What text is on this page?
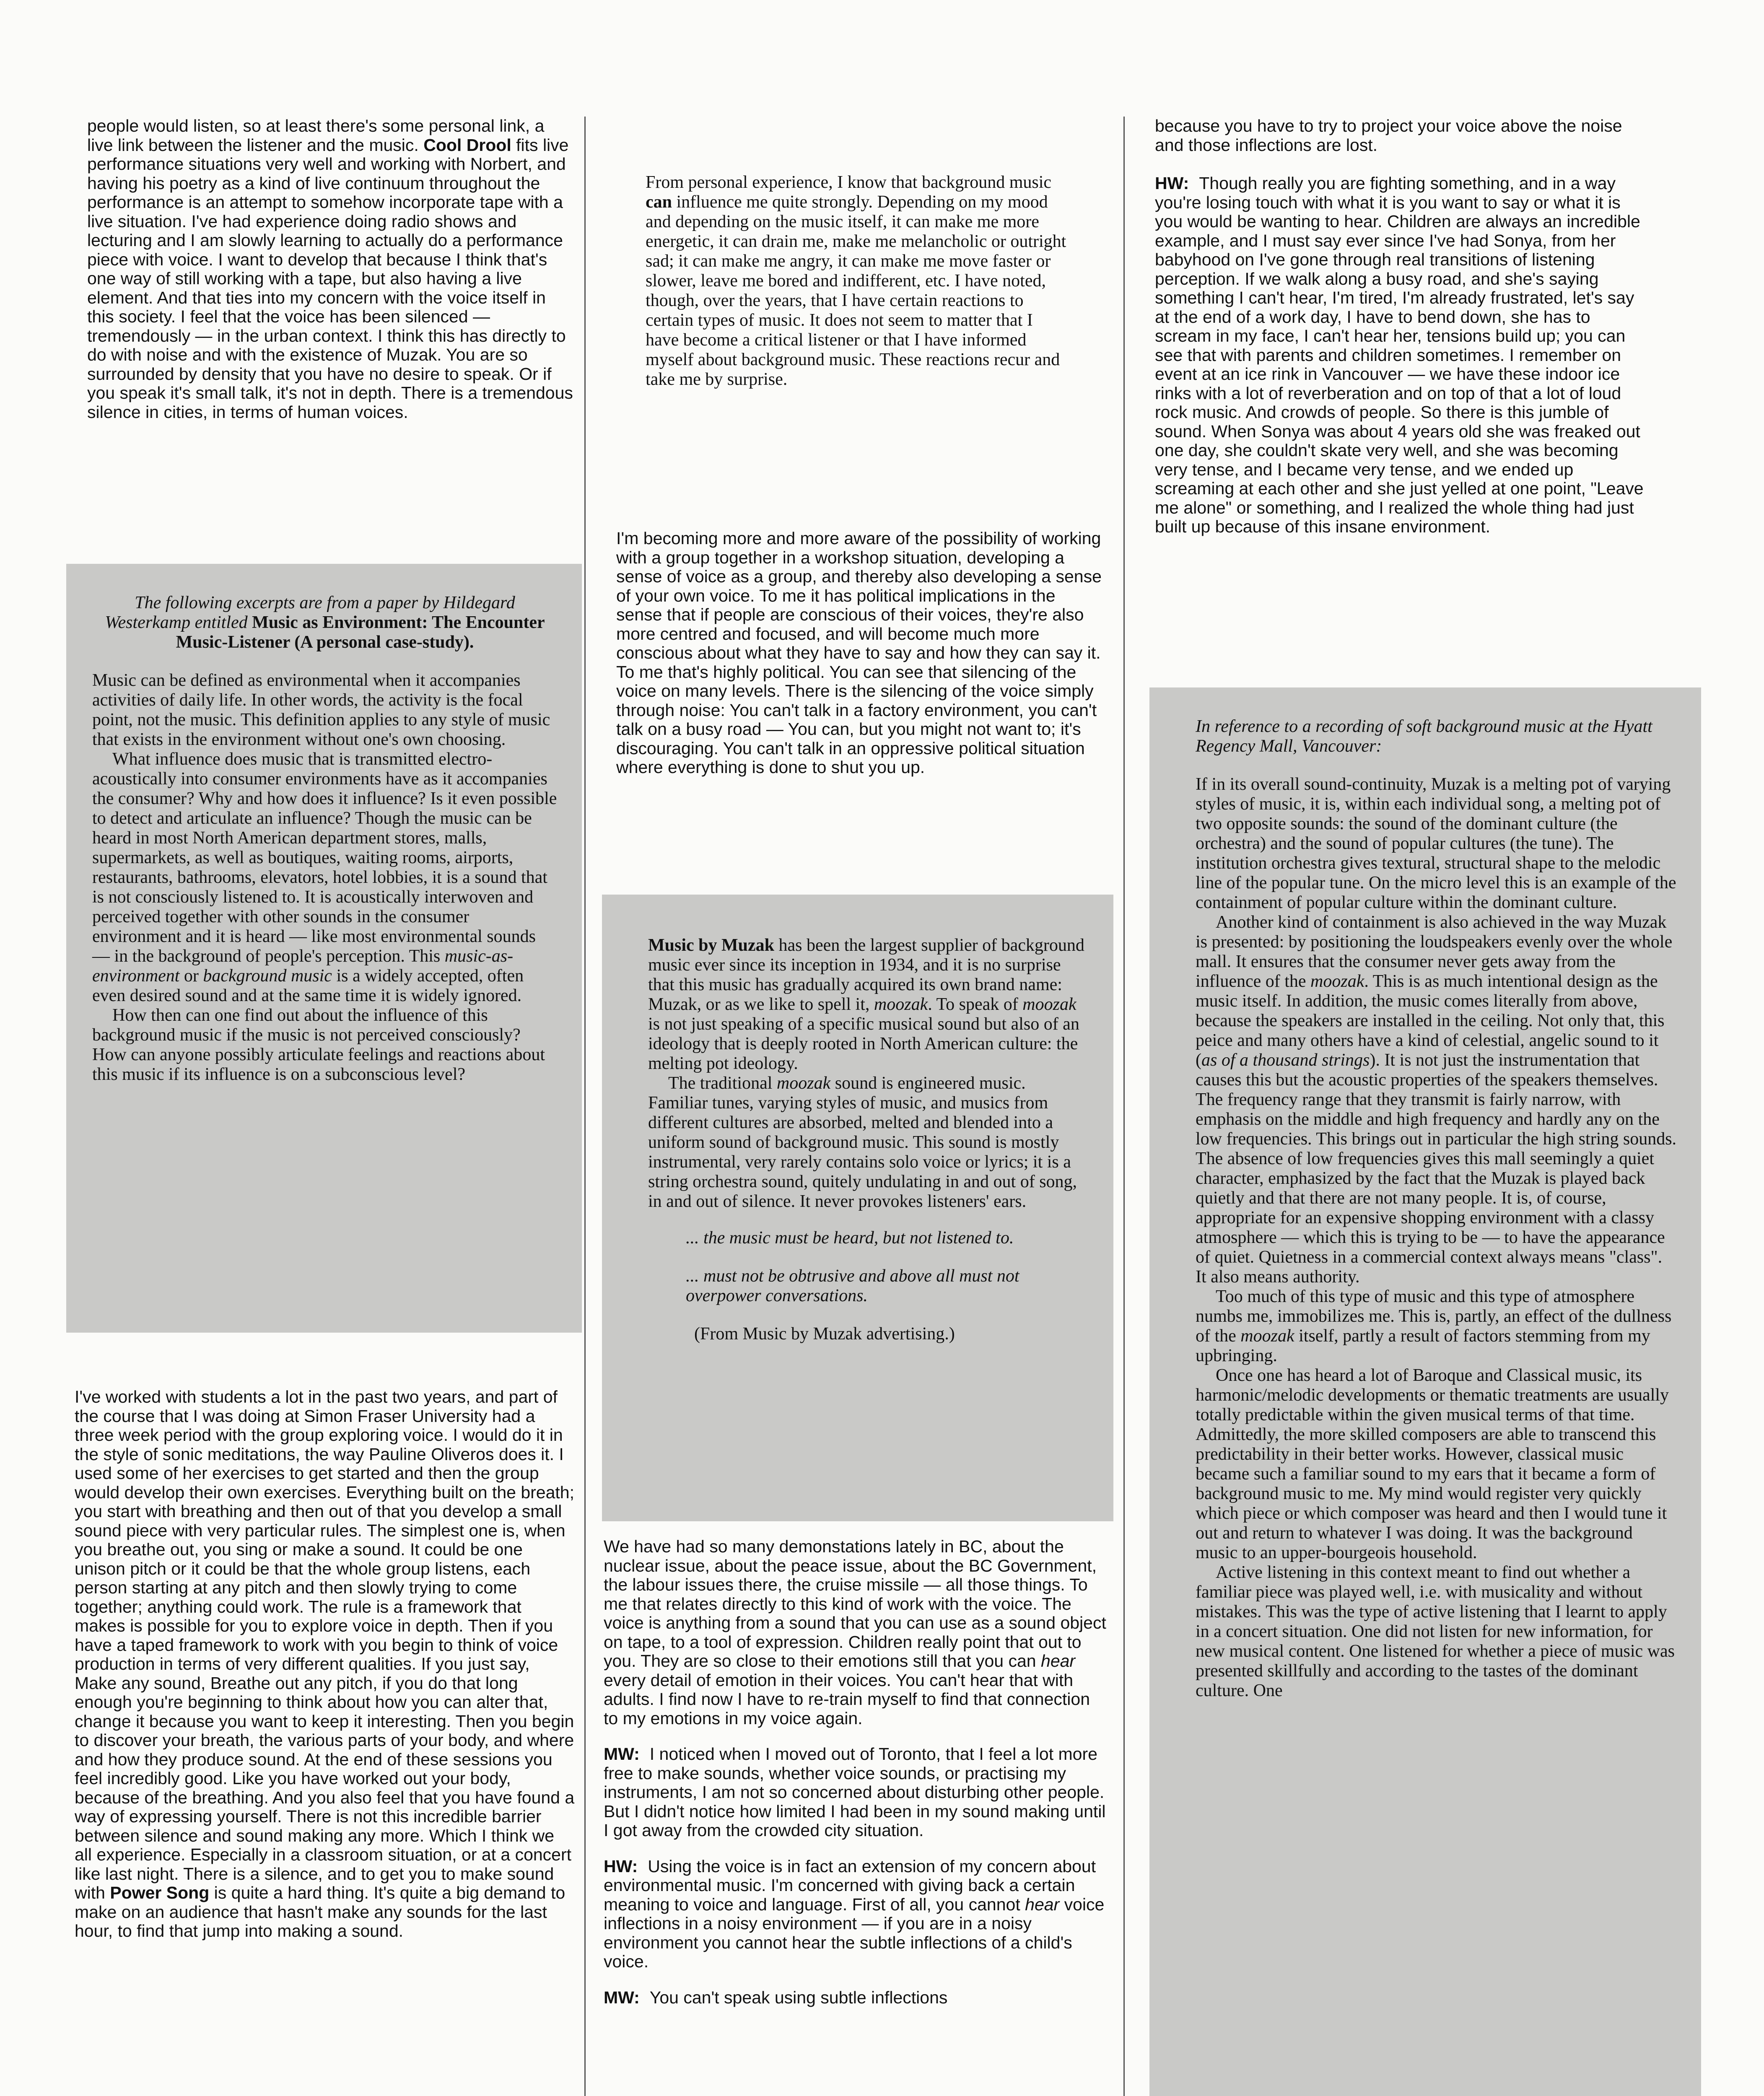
people would listen, so at least there's some personal link, a live link between the listener and the music. Cool Drool fits live performance situations very well and working with Norbert, and having his poetry as a kind of live continuum throughout the performance is an attempt to somehow incorporate tape with a live situation. I've had experience doing radio shows and lecturing and I am slowly learning to actually do a performance piece with voice. I want to develop that because I think that's one way of still working with a tape, but also having a live element. And that ties into my concern with the voice itself in this society. I feel that the voice has been silenced — tremendously — in the urban context. I think this has directly to do with noise and with the existence of Muzak. You are so surrounded by density that you have no desire to speak. Or if you speak it's small talk, it's not in depth. There is a tremendous silence in cities, in terms of human voices.

The following excerpts are from a paper by Hildegard Westerkamp entitled Music as Environment: The Encounter Music-Listener (A personal case-study).

Music can be defined as environmental when it accompanies activities of daily life. In other words, the activity is the focal point, not the music. This definition applies to any style of music that exists in the environment without one's own choosing.

What influence does music that is transmitted electro-acoustically into consumer environments have as it accompanies the consumer? Why and how does it influence? Is it even possible to detect and articulate an influence? Though the music can be heard in most North American department stores, malls, supermarkets, as well as boutiques, waiting rooms, airports, restaurants, bathrooms, elevators, hotel lobbies, it is a sound that is not consciously listened to. It is acoustically interwoven and perceived together with other sounds in the consumer environment and it is heard — like most environmental sounds — in the background of people's perception. This music-as-environment or background music is a widely accepted, often even desired sound and at the same time it is widely ignored.

How then can one find out about the influence of this background music if the music is not perceived consciously? How can anyone possibly articulate feelings and reactions about this music if its influence is on a subconscious level?

I've worked with students a lot in the past two years, and part of the course that I was doing at Simon Fraser University had a three week period with the group exploring voice. I would do it in the style of sonic meditations, the way Pauline Oliveros does it. I used some of her exercises to get started and then the group would develop their own exercises. Everything built on the breath; you start with breathing and then out of that you develop a small sound piece with very particular rules. The simplest one is, when you breathe out, you sing or make a sound. It could be one unison pitch or it could be that the whole group listens, each person starting at any pitch and then slowly trying to come together; anything could work. The rule is a framework that makes is possible for you to explore voice in depth. Then if you have a taped framework to work with you begin to think of voice production in terms of very different qualities. If you just say, Make any sound, Breathe out any pitch, if you do that long enough you're beginning to think about how you can alter that, change it because you want to keep it interesting. Then you begin to discover your breath, the various parts of your body, and where and how they produce sound. At the end of these sessions you feel incredibly good. Like you have worked out your body, because of the breathing. And you also feel that you have found a way of expressing yourself. There is not this incredible barrier between silence and sound making any more. Which I think we all experience. Especially in a classroom situation, or at a concert like last night. There is a silence, and to get you to make sound with Power Song is quite a hard thing. It's quite a big demand to make on an audience that hasn't make any sounds for the last hour, to find that jump into making a sound.

From personal experience, I know that background music can influence me quite strongly. Depending on my mood and depending on the music itself, it can make me more energetic, it can drain me, make me melancholic or outright sad; it can make me angry, it can make me move faster or slower, leave me bored and indifferent, etc. I have noted, though, over the years, that I have certain reactions to certain types of music. It does not seem to matter that I have become a critical listener or that I have informed myself about background music. These reactions recur and take me by surprise.

I'm becoming more and more aware of the possibility of working with a group together in a workshop situation, developing a sense of voice as a group, and thereby also developing a sense of your own voice. To me it has political implications in the sense that if people are conscious of their voices, they're also more centred and focused, and will become much more conscious about what they have to say and how they can say it. To me that's highly political. You can see that silencing of the voice on many levels. There is the silencing of the voice simply through noise: You can't talk in a factory environment, you can't talk on a busy road — You can, but you might not want to; it's discouraging. You can't talk in an oppressive political situation where everything is done to shut you up.

Music by Muzak has been the largest supplier of background music ever since its inception in 1934, and it is no surprise that this music has gradually acquired its own brand name: Muzak, or as we like to spell it, moozak. To speak of moozak is not just speaking of a specific musical sound but also of an ideology that is deeply rooted in North American culture: the melting pot ideology.

The traditional moozak sound is engineered music. Familiar tunes, varying styles of music, and musics from different cultures are absorbed, melted and blended into a uniform sound of background music. This sound is mostly instrumental, very rarely contains solo voice or lyrics; it is a string orchestra sound, quitely undulating in and out of song, in and out of silence. It never provokes listeners' ears.

... the music must be heard, but not listened to.

... must not be obtrusive and above all must not overpower conversations.

(From Music by Muzak advertising.)

We have had so many demonstations lately in BC, about the nuclear issue, about the peace issue, about the BC Government, the labour issues there, the cruise missile — all those things. To me that relates directly to this kind of work with the voice. The voice is anything from a sound that you can use as a sound object on tape, to a tool of expression. Children really point that out to you. They are so close to their emotions still that you can hear every detail of emotion in their voices. You can't hear that with adults. I find now I have to re-train myself to find that connection to my emotions in my voice again.

MW: I noticed when I moved out of Toronto, that I feel a lot more free to make sounds, whether voice sounds, or practising my instruments, I am not so concerned about disturbing other people. But I didn't notice how limited I had been in my sound making until I got away from the crowded city situation.

HW: Using the voice is in fact an extension of my concern about environmental music. I'm concerned with giving back a certain meaning to voice and language. First of all, you cannot hear voice inflections in a noisy environment — if you are in a noisy environment you cannot hear the subtle inflections of a child's voice.

MW: You can't speak using subtle inflections

because you have to try to project your voice above the noise and those inflections are lost.

HW: Though really you are fighting something, and in a way you're losing touch with what it is you want to say or what it is you would be wanting to hear. Children are always an incredible example, and I must say ever since I've had Sonya, from her babyhood on I've gone through real transitions of listening perception. If we walk along a busy road, and she's saying something I can't hear, I'm tired, I'm already frustrated, let's say at the end of a work day, I have to bend down, she has to scream in my face, I can't hear her, tensions build up; you can see that with parents and children sometimes. I remember on event at an ice rink in Vancouver — we have these indoor ice rinks with a lot of reverberation and on top of that a lot of loud rock music. And crowds of people. So there is this jumble of sound. When Sonya was about 4 years old she was freaked out one day, she couldn't skate very well, and she was becoming very tense, and I became very tense, and we ended up screaming at each other and she just yelled at one point, "Leave me alone" or something, and I realized the whole thing had just built up because of this insane environment.

In reference to a recording of soft background music at the Hyatt Regency Mall, Vancouver:

If in its overall sound-continuity, Muzak is a melting pot of varying styles of music, it is, within each individual song, a melting pot of two opposite sounds: the sound of the dominant culture (the orchestra) and the sound of popular cultures (the tune). The institution orchestra gives textural, structural shape to the melodic line of the popular tune. On the micro level this is an example of the containment of popular culture within the dominant culture.

Another kind of containment is also achieved in the way Muzak is presented: by positioning the loudspeakers evenly over the whole mall. It ensures that the consumer never gets away from the influence of the moozak. This is as much intentional design as the music itself. In addition, the music comes literally from above, because the speakers are installed in the ceiling. Not only that, this peice and many others have a kind of celestial, angelic sound to it (as of a thousand strings). It is not just the instrumentation that causes this but the acoustic properties of the speakers themselves. The frequency range that they transmit is fairly narrow, with emphasis on the middle and high frequency and hardly any on the low frequencies. This brings out in particular the high string sounds. The absence of low frequencies gives this mall seemingly a quiet character, emphasized by the fact that the Muzak is played back quietly and that there are not many people. It is, of course, appropriate for an expensive shopping environment with a classy atmosphere — which this is trying to be — to have the appearance of quiet. Quietness in a commercial context always means "class". It also means authority.

Too much of this type of music and this type of atmosphere numbs me, immobilizes me. This is, partly, an effect of the dullness of the moozak itself, partly a result of factors stemming from my upbringing.

Once one has heard a lot of Baroque and Classical music, its harmonic/melodic developments or thematic treatments are usually totally predictable within the given musical terms of that time. Admittedly, the more skilled composers are able to transcend this predictability in their better works. However, classical music became such a familiar sound to my ears that it became a form of background music to me. My mind would register very quickly which piece or which composer was heard and then I would tune it out and return to whatever I was doing. It was the background music to an upper-bourgeois household.

Active listening in this context meant to find out whether a familiar piece was played well, i.e. with musicality and without mistakes. This was the type of active listening that I learnt to apply in a concert situation. One did not listen for new information, for new musical content. One listened for whether a piece of music was presented skillfully and according to the tastes of the dominant culture. One
